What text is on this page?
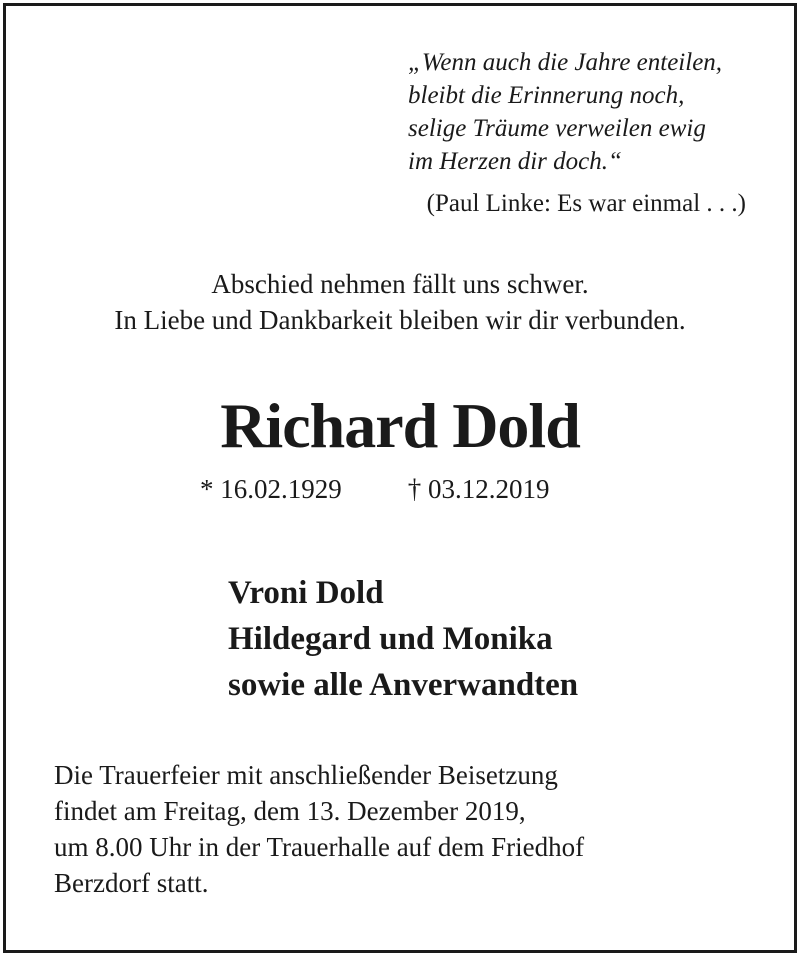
„Wenn auch die Jahre enteilen,
bleibt die Erinnerung noch,
selige Träume verweilen ewig
im Herzen dir doch.“
(Paul Linke: Es war einmal . . .)
Abschied nehmen fällt uns schwer.
In Liebe und Dankbarkeit bleiben wir dir verbunden.
Richard Dold
* 16.02.1929 † 03.12.2019
Vroni Dold
Hildegard und Monika
sowie alle Anverwandten
Die Trauerfeier mit anschließender Beisetzung
findet am Freitag, dem 13. Dezember 2019,
um 8.00 Uhr in der Trauerhalle auf dem Friedhof
Berzdorf statt.
